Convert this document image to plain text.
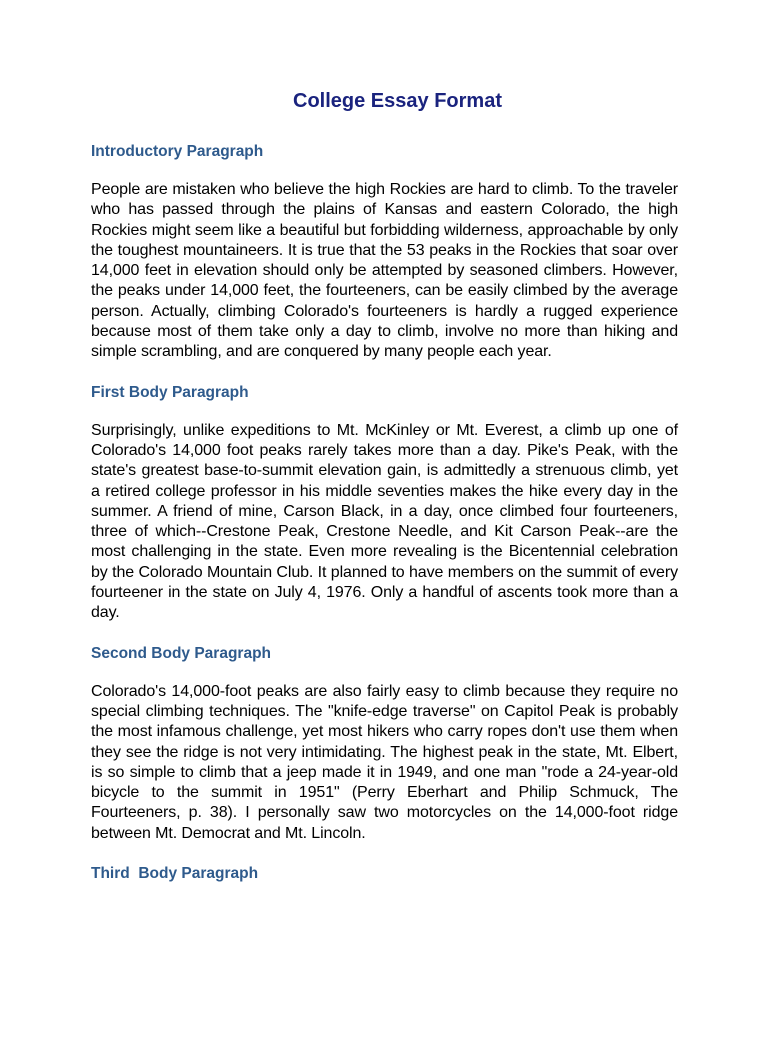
College Essay Format
Introductory Paragraph

People are mistaken who believe the high Rockies are hard to climb. To the traveler who has passed through the plains of Kansas and eastern Colorado, the high Rockies might seem like a beautiful but forbidding wilderness, approachable by only the toughest mountaineers. It is true that the 53 peaks in the Rockies that soar over 14,000 feet in elevation should only be attempted by seasoned climbers. However, the peaks under 14,000 feet, the fourteeners, can be easily climbed by the average person. Actually, climbing Colorado's fourteeners is hardly a rugged experience because most of them take only a day to climb, involve no more than hiking and simple scrambling, and are conquered by many people each year.

First Body Paragraph

Surprisingly, unlike expeditions to Mt. McKinley or Mt. Everest, a climb up one of Colorado's 14,000 foot peaks rarely takes more than a day. Pike's Peak, with the state's greatest base-to-summit elevation gain, is admittedly a strenuous climb, yet a retired college professor in his middle seventies makes the hike every day in the summer. A friend of mine, Carson Black, in a day, once climbed four fourteeners, three of which--Crestone Peak, Crestone Needle, and Kit Carson Peak--are the most challenging in the state. Even more revealing is the Bicentennial celebration by the Colorado Mountain Club. It planned to have members on the summit of every fourteener in the state on July 4, 1976. Only a handful of ascents took more than a day.

Second Body Paragraph

Colorado's 14,000-foot peaks are also fairly easy to climb because they require no special climbing techniques. The "knife-edge traverse" on Capitol Peak is probably the most infamous challenge, yet most hikers who carry ropes don't use them when they see the ridge is not very intimidating. The highest peak in the state, Mt. Elbert, is so simple to climb that a jeep made it in 1949, and one man "rode a 24-year-old bicycle to the summit in 1951" (Perry Eberhart and Philip Schmuck, The Fourteeners, p. 38). I personally saw two motorcycles on the 14,000-foot ridge between Mt. Democrat and Mt. Lincoln.

Third  Body Paragraph
